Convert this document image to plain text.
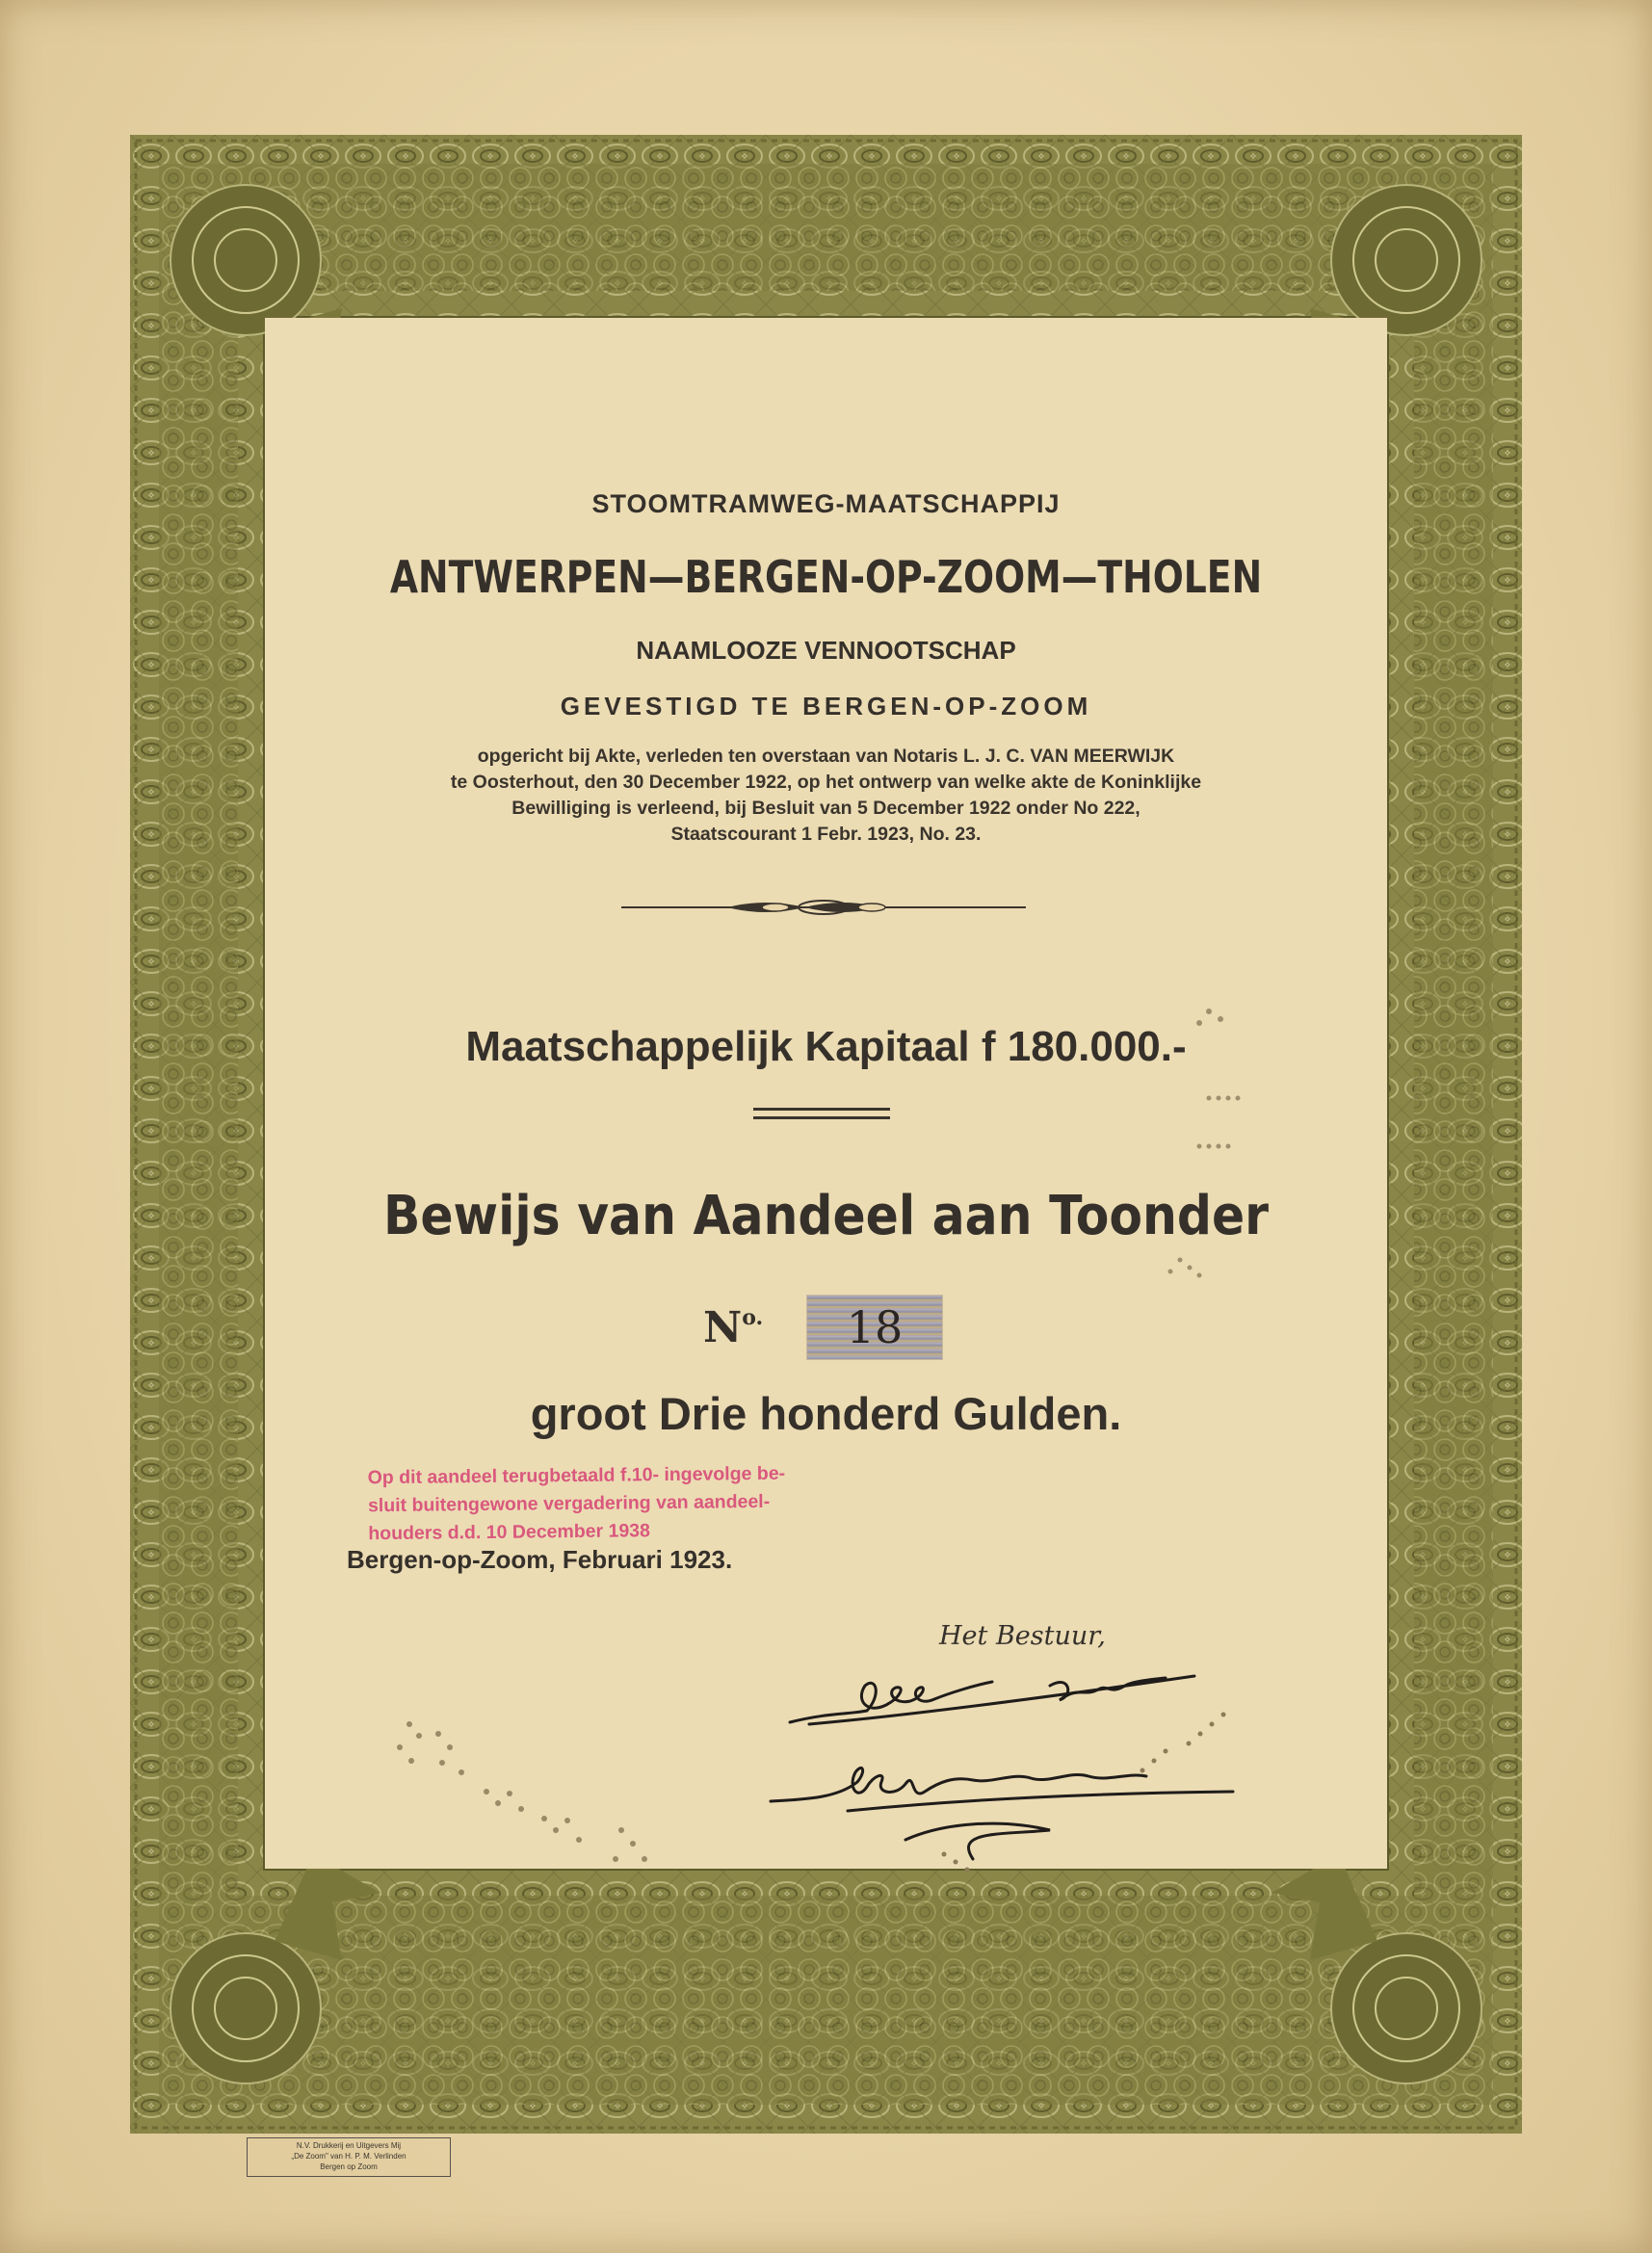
STOOMTRAMWEG-MAATSCHAPPIJ
ANTWERPEN—BERGEN-OP-ZOOM—THOLEN
NAAMLOOZE VENNOOTSCHAP
GEVESTIGD TE BERGEN-OP-ZOOM
opgericht bij Akte, verleden ten overstaan van Notaris L. J. C. VAN MEERWIJK
te Oosterhout, den 30 December 1922, op het ontwerp van welke akte de Koninklijke
Bewilliging is verleend, bij Besluit van 5 December 1922 onder No 222,
Staatscourant 1 Febr. 1923, No. 23.
Maatschappelijk Kapitaal f 180.000.-
Bewijs van Aandeel aan Toonder
$N^{o.}$	18
groot Drie honderd Gulden.
Op dit aandeel terugbetaald f.10- ingevolge be-
sluit buitengewone vergadering van aandeel-
houders d.d. 10 December 1938
Bergen-op-Zoom, Februari 1923.
Het Bestuur,
N.V. Drukkerij en Uitgevers Mij
„De Zoom" van H. P. M. Verlinden
Bergen op Zoom
